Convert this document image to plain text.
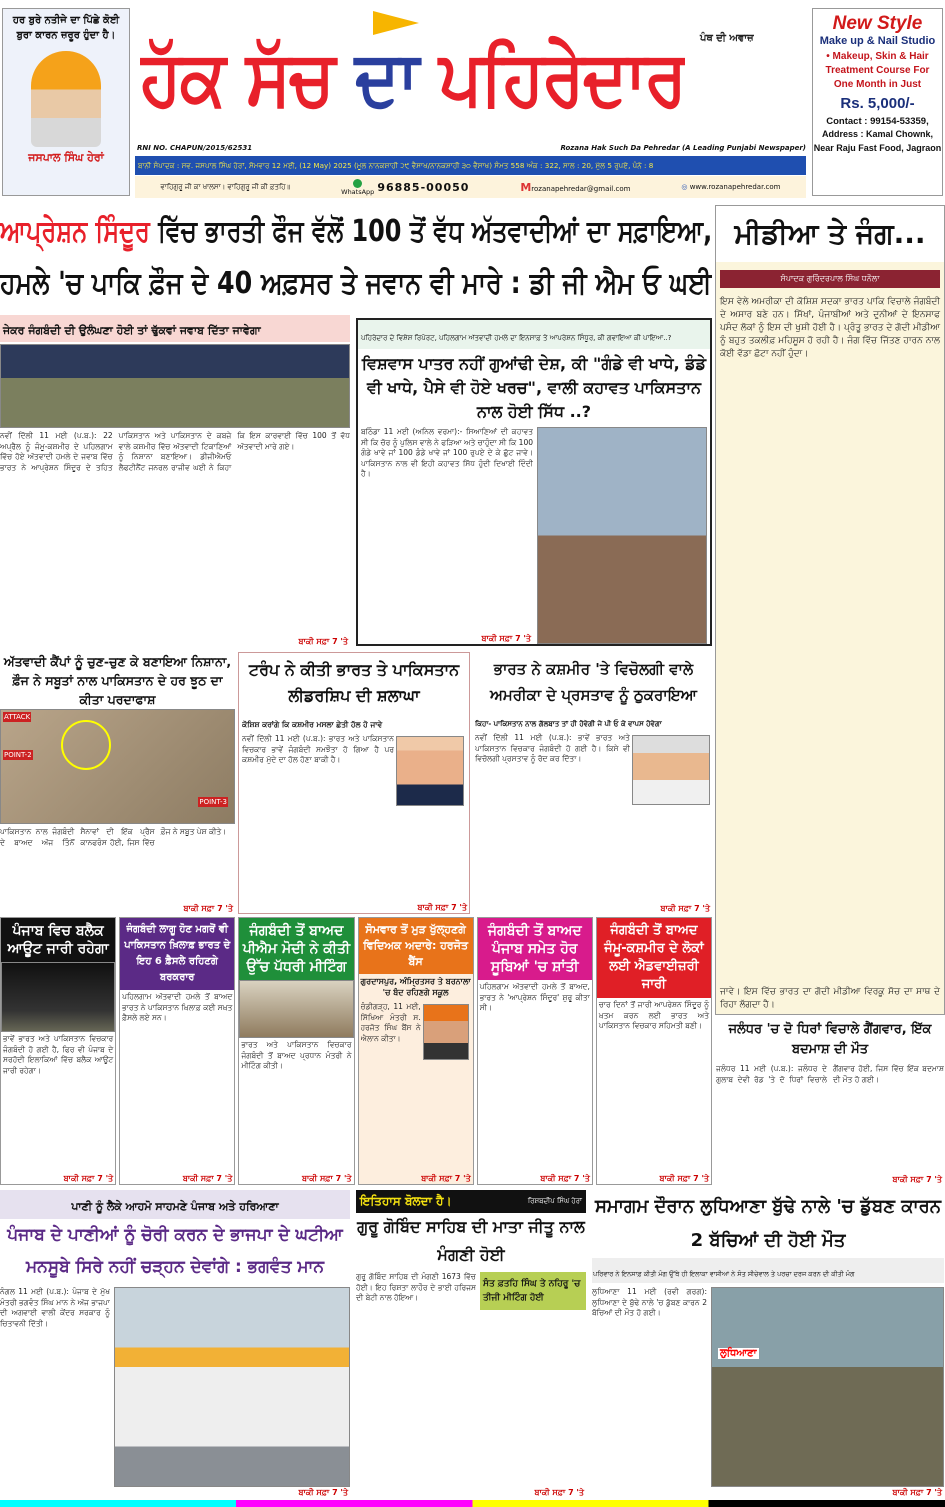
ਹਰ ਬੁਰੇ ਨਤੀਜੇ ਦਾ ਪਿੱਛੇ ਕੋਈ ਬੁਰਾ ਕਾਰਨ ਜ਼ਰੂਰ ਹੁੰਦਾ ਹੈ।
ਜਸਪਾਲ ਸਿੰਘ ਹੇਰਾਂ
ਹੱਕ ਸੱਚ ਦਾ ਪਹਿਰੇਦਾਰ ਪੰਥ ਦੀ ਅਵਾਜ਼
RNI NO. CHAPUN/2015/62531	Rozana Hak Such Da Pehredar (A Leading Punjabi Newspaper)
ਬਾਨੀ ਸੰਪਾਦਕ : ਸਵ. ਜਸਪਾਲ ਸਿੰਘ ਹੇਰਾਂ, ਸੋਮਵਾਰ 12 ਮਈ, (12 May) 2025 (ਮੂਲ ਨਾਨਕਸ਼ਾਹੀ ੨੯ ਵੈਸਾਖ/ਨਾਨਕਸ਼ਾਹੀ ੩੦ ਵੈਸਾਖ) ਸੰਮਤ 558 ਅੰਕ : 322, ਸਾਲ : 20, ਮੁੱਲ 5 ਰੁਪਏ, ਪੰਨੇ : 8
ਵਾਹਿਗੁਰੂ ਜੀ ਕਾ ਖਾਲਸਾ। ਵਾਹਿਗੁਰੂ ਜੀ ਕੀ ਫ਼ਤਹਿ॥
WhatsApp 96885-00050	Mrozanapehredar@gmail.com	◎ www.rozanapehredar.com
New Style
Make up & Nail Studio
• Makeup, Skin & Hair Treatment Course For One Month in Just
Rs. 5,000/-
Contact : 99154-53359,
Address : Kamal Chownk, Near Raju Fast Food, Jagraon
ਆਪ੍ਰੇਸ਼ਨ ਸਿੰਦੂਰ ਵਿੱਚ ਭਾਰਤੀ ਫੌਜ ਵੱਲੋਂ 100 ਤੋਂ ਵੱਧ ਅੱਤਵਾਦੀਆਂ ਦਾ ਸਫ਼ਾਇਆ,
ਹਮਲੇ 'ਚ ਪਾਕਿ ਫ਼ੌਜ ਦੇ 40 ਅਫ਼ਸਰ ਤੇ ਜਵਾਨ ਵੀ ਮਾਰੇ : ਡੀ ਜੀ ਐਮ ਓ ਘਈ
ਜੇਕਰ ਜੰਗਬੰਦੀ ਦੀ ਉਲੰਘਣਾ ਹੋਈ ਤਾਂ ਢੁੱਕਵਾਂ ਜਵਾਬ ਦਿੱਤਾ ਜਾਵੇਗਾ
ਨਵੀਂ ਦਿੱਲੀ 11 ਮਈ (ਪ.ਬ.): 22 ਅਪ੍ਰੈਲ ਨੂੰ ਜੰਮੂ-ਕਸ਼ਮੀਰ ਦੇ ਪਹਿਲਗਾਮ ਵਿੱਚ ਹੋਏ ਅੱਤਵਾਦੀ ਹਮਲੇ ਦੇ ਜਵਾਬ ਵਿੱਚ ਭਾਰਤ ਨੇ ਆਪ੍ਰੇਸ਼ਨ ਸਿੰਦੂਰ ਦੇ ਤਹਿਤ ਪਾਕਿਸਤਾਨ ਅਤੇ ਪਾਕਿਸਤਾਨ ਦੇ ਕਬਜ਼ੇ ਵਾਲੇ ਕਸ਼ਮੀਰ ਵਿੱਚ ਅੱਤਵਾਦੀ ਟਿਕਾਣਿਆਂ ਨੂੰ ਨਿਸ਼ਾਨਾ ਬਣਾਇਆ। ਡੀਜੀਐਮਓ ਲੈਫਟੀਨੈਂਟ ਜਨਰਲ ਰਾਜੀਵ ਘਈ ਨੇ ਕਿਹਾ ਕਿ ਇਸ ਕਾਰਵਾਈ ਵਿੱਚ 100 ਤੋਂ ਵੱਧ ਅੱਤਵਾਦੀ ਮਾਰੇ ਗਏ।
ਬਾਕੀ ਸਫ਼ਾ 7 'ਤੇ
ਪਹਿਰੇਦਾਰ ਦੇ ਵਿਸ਼ੇਸ਼ ਰਿਪੋਰਟ, ਪਹਿਲਗਾਮ ਅੱਤਵਾਦੀ ਹਮਲੇ ਦਾ ਇਨਸਾਫ਼ ਤੇ ਆਪਰੇਸ਼ਨ ਸਿੰਧੂਰ, ਕੀ ਗਵਾਇਆ ਕੀ ਪਾਇਆ..?
ਵਿਸ਼ਵਾਸ ਪਾਤਰ ਨਹੀਂ ਗੁਆਂਢੀ ਦੇਸ਼, ਕੀ "ਗੰਡੇ ਵੀ ਖਾਧੇ, ਡੰਡੇ ਵੀ ਖਾਧੇ, ਪੈਸੇ ਵੀ ਹੋਏ ਖਰਚ", ਵਾਲੀ ਕਹਾਵਤ ਪਾਕਿਸਤਾਨ ਨਾਲ ਹੋਈ ਸਿੱਧ ..?
ਬਠਿੰਡਾ 11 ਮਈ (ਅਨਿਲ ਵਰਮਾ):- ਸਿਆਣਿਆਂ ਦੀ ਕਹਾਵਤ ਸੀ ਕਿ ਚੋਰ ਨੂੰ ਪੁਲਿਸ ਵਾਲੇ ਨੇ ਫੜਿਆ ਅਤੇ ਚਾਹੁੰਦਾ ਸੀ ਕਿ 100 ਗੰਡੇ ਖਾਵੇ ਜਾਂ 100 ਡੰਡੇ ਖਾਵੇ ਜਾਂ 100 ਰੁਪਏ ਦੇ ਕੇ ਛੁੱਟ ਜਾਵੇ। ਪਾਕਿਸਤਾਨ ਨਾਲ ਵੀ ਇਹੀ ਕਹਾਵਤ ਸਿੱਧ ਹੁੰਦੀ ਦਿਖਾਈ ਦਿੰਦੀ ਹੈ।
ਬਾਕੀ ਸਫ਼ਾ 7 'ਤੇ
ਮੀਡੀਆ ਤੇ ਜੰਗ...
ਸੰਪਾਦਕ ਗੁਰਿੰਦਰਪਾਲ ਸਿੰਘ ਧਨੌਲਾ
ਇਸ ਵੇਲੇ ਅਮਰੀਕਾ ਦੀ ਕੋਸ਼ਿਸ਼ ਸਦਕਾ ਭਾਰਤ ਪਾਕਿ ਵਿਚਾਲੇ ਜੰਗਬੰਦੀ ਦੇ ਅਸਾਰ ਬਣੇ ਹਨ। ਸਿੱਖਾਂ, ਪੰਜਾਬੀਆਂ ਅਤੇ ਦੁਨੀਆਂ ਦੇ ਇਨਸਾਫ ਪਸੰਦ ਲੋਕਾਂ ਨੂੰ ਇਸ ਦੀ ਖੁਸ਼ੀ ਹੋਈ ਹੈ। ਪ੍ਰੰਤੂ ਭਾਰਤ ਦੇ ਗੋਦੀ ਮੀਡੀਆ ਨੂੰ ਬਹੁਤ ਤਕਲੀਫ਼ ਮਹਿਸੂਸ ਹੋ ਰਹੀ ਹੈ। ਜੰਗ ਵਿੱਚ ਜਿੱਤਣ ਹਾਰਨ ਨਾਲ ਕੋਈ ਵੱਡਾ ਛੋਟਾ ਨਹੀਂ ਹੁੰਦਾ।
ਜਾਵੇ। ਇਸ ਵਿੱਚ ਭਾਰਤ ਦਾ ਗੋਦੀ ਮੀਡੀਆ ਵਿਰਕੂ ਸੋਚ ਦਾ ਸਾਥ ਦੇ ਰਿਹਾ ਲੱਗਦਾ ਹੈ।
ਅੱਤਵਾਦੀ ਕੈਂਪਾਂ ਨੂੰ ਚੁਣ-ਚੁਣ ਕੇ ਬਣਾਇਆ ਨਿਸ਼ਾਨਾ, ਫ਼ੌਜ ਨੇ ਸਬੂਤਾਂ ਨਾਲ ਪਾਕਿਸਤਾਨ ਦੇ ਹਰ ਝੂਠ ਦਾ ਕੀਤਾ ਪਰਦਾਫਾਸ਼
ATTACK
POINT-2
POINT-3
ਪਾਕਿਸਤਾਨ ਨਾਲ ਜੰਗਬੰਦੀ ਦੇ ਬਾਅਦ ਅੱਜ ਤਿੰਨੋਂ ਸੈਨਾਵਾਂ ਦੀ ਇੱਕ ਪ੍ਰੈਸ ਕਾਨਫਰੰਸ ਹੋਈ, ਜਿਸ ਵਿੱਚ ਫ਼ੌਜ ਨੇ ਸਬੂਤ ਪੇਸ਼ ਕੀਤੇ।
ਬਾਕੀ ਸਫ਼ਾ 7 'ਤੇ
ਟਰੰਪ ਨੇ ਕੀਤੀ ਭਾਰਤ ਤੇ ਪਾਕਿਸਤਾਨ ਲੀਡਰਸ਼ਿਪ ਦੀ ਸ਼ਲਾਘਾ
ਕੋਸ਼ਿਸ਼ ਕਰਾਂਗੇ ਕਿ ਕਸ਼ਮੀਰ ਮਸਲਾ ਛੇਤੀ ਹੱਲ ਹੋ ਜਾਵੇ
ਨਵੀਂ ਦਿੱਲੀ 11 ਮਈ (ਪ.ਬ.): ਭਾਰਤ ਅਤੇ ਪਾਕਿਸਤਾਨ ਵਿਚਕਾਰ ਭਾਵੇਂ ਜੰਗਬੰਦੀ ਸਮਝੌਤਾ ਹੋ ਗਿਆ ਹੈ ਪਰ ਕਸ਼ਮੀਰ ਮੁੱਦੇ ਦਾ ਹੱਲ ਹੋਣਾ ਬਾਕੀ ਹੈ।
ਬਾਕੀ ਸਫ਼ਾ 7 'ਤੇ
ਭਾਰਤ ਨੇ ਕਸ਼ਮੀਰ 'ਤੇ ਵਿਚੋਲਗੀ ਵਾਲੇ ਅਮਰੀਕਾ ਦੇ ਪ੍ਰਸਤਾਵ ਨੂੰ ਠੁਕਰਾਇਆ
ਕਿਹਾ- ਪਾਕਿਸਤਾਨ ਨਾਲ ਗੱਲਬਾਤ ਤਾਂ ਹੀ ਹੋਵੇਗੀ ਜੇ ਪੀ ਓ ਕੇ ਵਾਪਸ ਹੋਵੇਗਾ
ਨਵੀਂ ਦਿੱਲੀ 11 ਮਈ (ਪ.ਬ.): ਭਾਵੇਂ ਭਾਰਤ ਅਤੇ ਪਾਕਿਸਤਾਨ ਵਿਚਕਾਰ ਜੰਗਬੰਦੀ ਹੋ ਗਈ ਹੈ। ਕਿਸੇ ਵੀ ਵਿਚੋਲਗੀ ਪ੍ਰਸਤਾਵ ਨੂੰ ਰੱਦ ਕਰ ਦਿੱਤਾ।
ਬਾਕੀ ਸਫ਼ਾ 7 'ਤੇ
ਪੰਜਾਬ ਵਿਚ ਬਲੈਕ ਆਊਟ ਜਾਰੀ ਰਹੇਗਾ
ਭਾਵੇਂ ਭਾਰਤ ਅਤੇ ਪਾਕਿਸਤਾਨ ਵਿਚਕਾਰ ਜੰਗਬੰਦੀ ਹੋ ਗਈ ਹੈ, ਫਿਰ ਵੀ ਪੰਜਾਬ ਦੇ ਸਰਹੱਦੀ ਇਲਾਕਿਆਂ ਵਿੱਚ ਬਲੈਕ ਆਊਟ ਜਾਰੀ ਰਹੇਗਾ।
ਬਾਕੀ ਸਫ਼ਾ 7 'ਤੇ
ਜੰਗਬੰਦੀ ਲਾਗੂ ਹੋਣ ਮਗਰੋਂ ਵੀ ਪਾਕਿਸਤਾਨ ਖ਼ਿਲਾਫ਼ ਭਾਰਤ ਦੇ ਇਹ 6 ਫ਼ੈਸਲੇ ਰਹਿਣਗੇ ਬਰਕਰਾਰ
ਪਹਿਲਗਾਮ ਅੱਤਵਾਦੀ ਹਮਲੇ ਤੋਂ ਬਾਅਦ ਭਾਰਤ ਨੇ ਪਾਕਿਸਤਾਨ ਖ਼ਿਲਾਫ਼ ਕਈ ਸਖ਼ਤ ਫ਼ੈਸਲੇ ਲਏ ਸਨ।
ਬਾਕੀ ਸਫ਼ਾ 7 'ਤੇ
ਜੰਗਬੰਦੀ ਤੋਂ ਬਾਅਦ ਪੀਐਮ ਮੋਦੀ ਨੇ ਕੀਤੀ ਉੱਚ ਪੱਧਰੀ ਮੀਟਿੰਗ
ਭਾਰਤ ਅਤੇ ਪਾਕਿਸਤਾਨ ਵਿਚਕਾਰ ਜੰਗਬੰਦੀ ਤੋਂ ਬਾਅਦ ਪ੍ਰਧਾਨ ਮੰਤਰੀ ਨੇ ਮੀਟਿੰਗ ਕੀਤੀ।
ਬਾਕੀ ਸਫ਼ਾ 7 'ਤੇ
ਸੋਮਵਾਰ ਤੋਂ ਮੁੜ ਖੁੱਲ੍ਹਣਗੇ ਵਿਦਿਅਕ ਅਦਾਰੇ: ਹਰਜੋਤ ਬੈਂਸ
ਗੁਰਦਾਸਪੁਰ, ਅੰਮ੍ਰਿਤਸਰ ਤੇ ਬਰਨਾਲਾ 'ਚ ਬੰਦ ਰਹਿਣਗੇ ਸਕੂਲ
ਚੰਡੀਗੜ੍ਹ, 11 ਮਈ, ਸਿੱਖਿਆ ਮੰਤਰੀ ਸ. ਹਰਜੋਤ ਸਿੰਘ ਬੈਂਸ ਨੇ ਐਲਾਨ ਕੀਤਾ।
ਬਾਕੀ ਸਫ਼ਾ 7 'ਤੇ
ਜੰਗਬੰਦੀ ਤੋਂ ਬਾਅਦ ਪੰਜਾਬ ਸਮੇਤ ਹੋਰ ਸੂਬਿਆਂ 'ਚ ਸ਼ਾਂਤੀ
ਪਹਿਲਗਾਮ ਅੱਤਵਾਦੀ ਹਮਲੇ ਤੋਂ ਬਾਅਦ, ਭਾਰਤ ਨੇ 'ਆਪ੍ਰੇਸ਼ਨ ਸਿੰਦੂਰ' ਸ਼ੁਰੂ ਕੀਤਾ ਸੀ।
ਬਾਕੀ ਸਫ਼ਾ 7 'ਤੇ
ਜੰਗਬੰਦੀ ਤੋਂ ਬਾਅਦ ਜੰਮੂ-ਕਸ਼ਮੀਰ ਦੇ ਲੋਕਾਂ ਲਈ ਐਡਵਾਈਜ਼ਰੀ ਜਾਰੀ
ਚਾਰ ਦਿਨਾਂ ਤੋਂ ਜਾਰੀ ਆਪਰੇਸ਼ਨ ਸਿੰਦੂਰ ਨੂੰ ਖ਼ਤਮ ਕਰਨ ਲਈ ਭਾਰਤ ਅਤੇ ਪਾਕਿਸਤਾਨ ਵਿਚਕਾਰ ਸਹਿਮਤੀ ਬਣੀ।
ਬਾਕੀ ਸਫ਼ਾ 7 'ਤੇ
ਜਲੰਧਰ 'ਚ ਦੋ ਧਿਰਾਂ ਵਿਚਾਲੇ ਗੈਂਗਵਾਰ, ਇੱਕ ਬਦਮਾਸ਼ ਦੀ ਮੌਤ
ਜਲੰਧਰ 11 ਮਈ (ਪ.ਬ.): ਜਲੰਧਰ ਦੇ ਗੁਲਾਬ ਦੇਵੀ ਰੋਡ 'ਤੇ ਦੋ ਧਿਰਾਂ ਵਿਚਾਲੇ ਗੈਂਗਵਾਰ ਹੋਈ, ਜਿਸ ਵਿੱਚ ਇੱਕ ਬਦਮਾਸ਼ ਦੀ ਮੌਤ ਹੋ ਗਈ।
ਬਾਕੀ ਸਫ਼ਾ 7 'ਤੇ
ਪਾਣੀ ਨੂੰ ਲੈਕੇ ਆਹਮੋ ਸਾਹਮਣੇ ਪੰਜਾਬ ਅਤੇ ਹਰਿਆਣਾ
ਪੰਜਾਬ ਦੇ ਪਾਣੀਆਂ ਨੂੰ ਚੋਰੀ ਕਰਨ ਦੇ ਭਾਜਪਾ ਦੇ ਘਟੀਆ ਮਨਸੂਬੇ ਸਿਰੇ ਨਹੀਂ ਚੜ੍ਹਨ ਦੇਵਾਂਗੇ : ਭਗਵੰਤ ਮਾਨ
ਨੰਗਲ 11 ਮਈ (ਪ.ਬ.): ਪੰਜਾਬ ਦੇ ਮੁੱਖ ਮੰਤਰੀ ਭਗਵੰਤ ਸਿੰਘ ਮਾਨ ਨੇ ਅੱਜ ਭਾਜਪਾ ਦੀ ਅਗਵਾਈ ਵਾਲੀ ਕੇਂਦਰ ਸਰਕਾਰ ਨੂੰ ਚਿਤਾਵਨੀ ਦਿੱਤੀ।
ਬਾਕੀ ਸਫ਼ਾ 7 'ਤੇ
ਇਤਿਹਾਸ ਬੋਲਦਾ ਹੈ।	ਰਿਸ਼ਬਦੀਪ ਸਿੰਘ ਹੇਰਾਂ
ਗੁਰੂ ਗੋਬਿੰਦ ਸਾਹਿਬ ਦੀ ਮਾਤਾ ਜੀਤੂ ਨਾਲ ਮੰਗਣੀ ਹੋਈ
ਗੁਰੂ ਗੋਬਿੰਦ ਸਾਹਿਬ ਦੀ ਮੰਗਣੀ 1673 ਵਿੱਚ ਹੋਈ। ਇਹ ਰਿਸ਼ਤਾ ਲਾਹੌਰ ਦੇ ਭਾਈ ਹਰਿਜਸ ਦੀ ਬੇਟੀ ਨਾਲ ਹੋਇਆ।
ਸੰਤ ਫ਼ਤਹਿ ਸਿੰਘ ਤੇ ਨਹਿਰੂ 'ਚ ਤੀਜੀ ਮੀਟਿੰਗ ਹੋਈ
ਬਾਕੀ ਸਫ਼ਾ 7 'ਤੇ
ਸਮਾਗਮ ਦੌਰਾਨ ਲੁਧਿਆਣਾ ਬੁੱਢੇ ਨਾਲੇ 'ਚ ਡੁੱਬਣ ਕਾਰਨ 2 ਬੱਚਿਆਂ ਦੀ ਹੋਈ ਮੌਤ
ਪਰਿਵਾਰ ਨੇ ਇਨਸਾਫ਼ ਕੀਤੀ ਮੰਗ ਉੱਥੇ ਹੀ ਇਲਾਕਾ ਵਾਸੀਆਂ ਨੇ ਸੰਤ ਸੀਚੇਵਾਲ ਤੇ ਪਰਚਾ ਦਰਜ ਕਰਨ ਦੀ ਕੀਤੀ ਮੰਗ
ਲੁਧਿਆਣਾ 11 ਮਈ (ਰਵੀ ਗਰਗ): ਲੁਧਿਆਣਾ ਦੇ ਬੁੱਢੇ ਨਾਲੇ 'ਚ ਡੁੱਬਣ ਕਾਰਨ 2 ਬੱਚਿਆਂ ਦੀ ਮੌਤ ਹੋ ਗਈ।
ਲੁਧਿਆਣਾ
ਬਾਕੀ ਸਫ਼ਾ 7 'ਤੇ
